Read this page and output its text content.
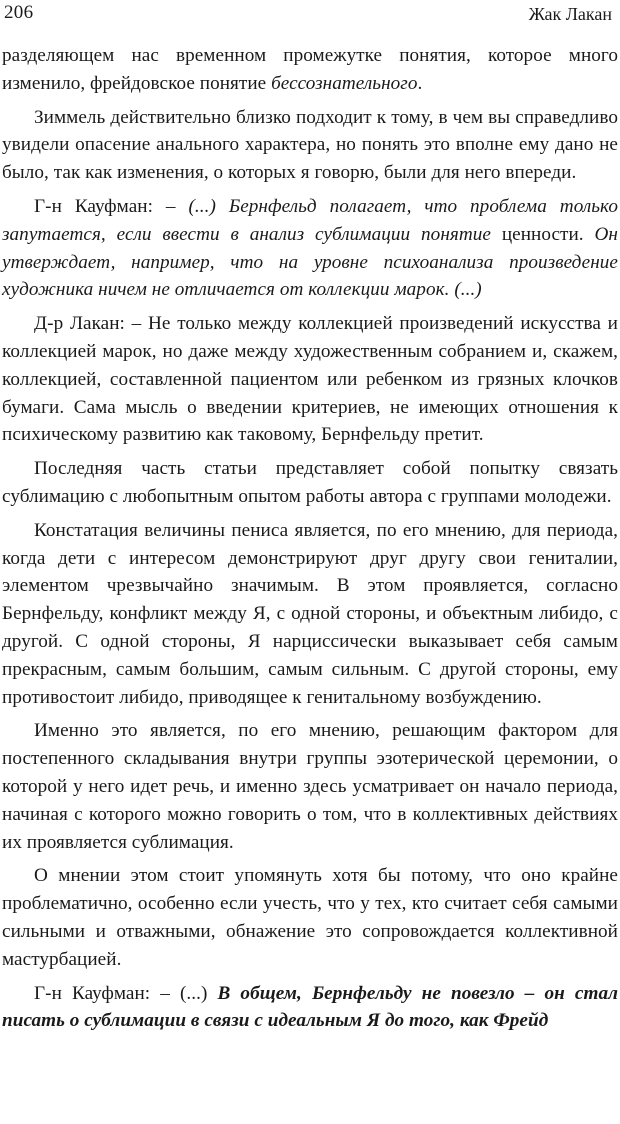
206	Жак Лакан

разделяющем нас временном промежутке понятия, которое много изменило, фрейдовское понятие бессознательного.

Зиммель действительно близко подходит к тому, в чем вы справедливо увидели опасение анального характера, но понять это вполне ему дано не было, так как изменения, о которых я говорю, были для него впереди.

Г-н Кауфман: – (...) Бернфельд полагает, что проблема только запутается, если ввести в анализ сублимации понятие ценности. Он утверждает, например, что на уровне психоанализа произведение художника ничем не отличается от коллекции марок. (...)

Д-р Лакан: – Не только между коллекцией произведений искусства и коллекцией марок, но даже между художественным собранием и, скажем, коллекцией, составленной пациентом или ребенком из грязных клочков бумаги. Сама мысль о введении критериев, не имеющих отношения к психическому развитию как таковому, Бернфельду претит.

Последняя часть статьи представляет собой попытку связать сублимацию с любопытным опытом работы автора с группами молодежи.

Констатация величины пениса является, по его мнению, для периода, когда дети с интересом демонстрируют друг другу свои гениталии, элементом чрезвычайно значимым. В этом проявляется, согласно Бернфельду, конфликт между Я, с одной стороны, и объектным либидо, с другой. С одной стороны, Я нарциссически выказывает себя самым прекрасным, самым большим, самым сильным. С другой стороны, ему противостоит либидо, приводящее к генитальному возбуждению.

Именно это является, по его мнению, решающим фактором для постепенного складывания внутри группы эзотерической церемонии, о которой у него идет речь, и именно здесь усматривает он начало периода, начиная с которого можно говорить о том, что в коллективных действиях их проявляется сублимация.

О мнении этом стоит упомянуть хотя бы потому, что оно крайне проблематично, особенно если учесть, что у тех, кто считает себя самыми сильными и отважными, обнажение это сопровождается коллективной мастурбацией.

Г-н Кауфман: – (...) В общем, Бернфельду не повезло – он стал писать о сублимации в связи с идеальным Я до того, как Фрейд
